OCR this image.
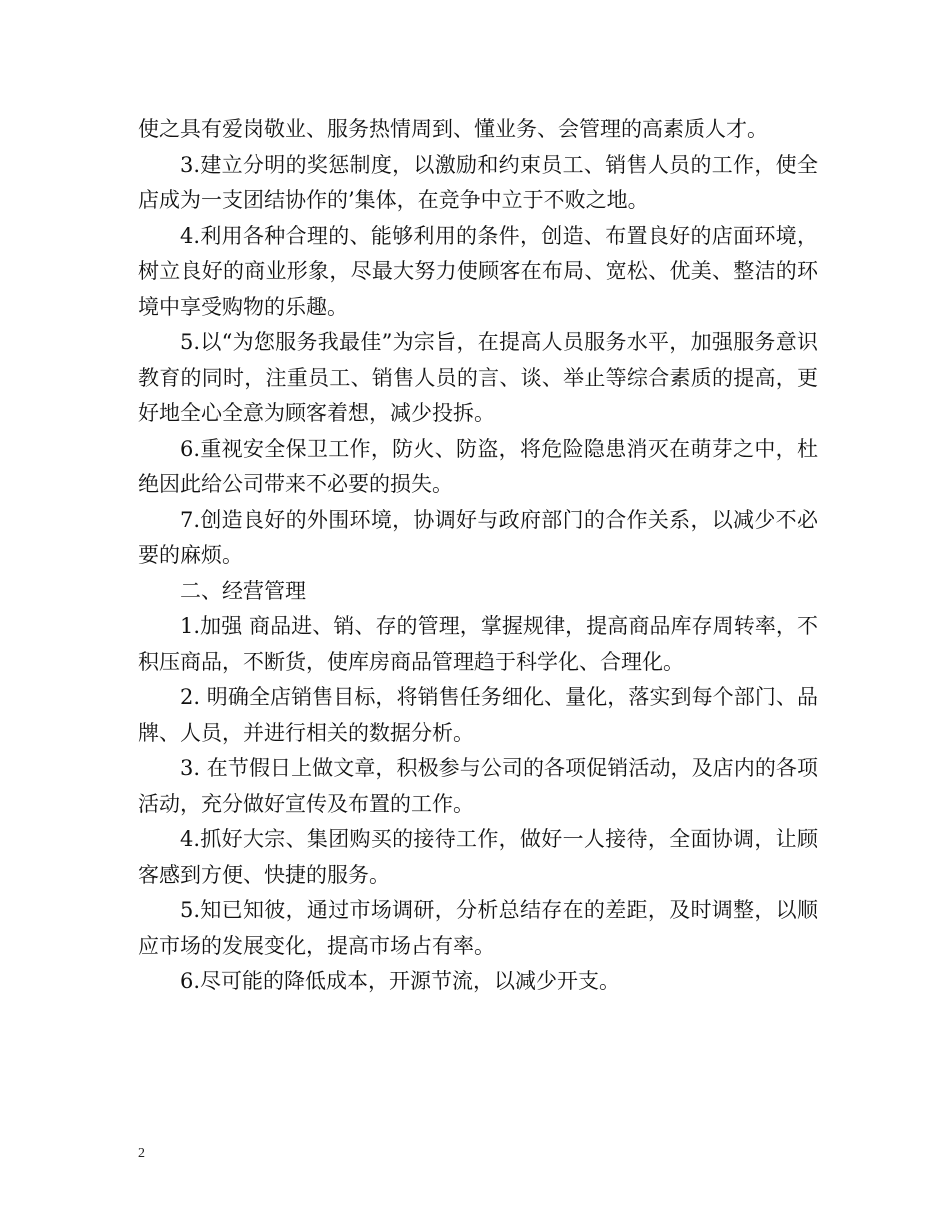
使之具有爱岗敬业、服务热情周到、懂业务、会管理的高素质人才。

3.建立分明的奖惩制度，以激励和约束员工、销售人员的工作，使全店成为一支团结协作的’集体，在竞争中立于不败之地。

4.利用各种合理的、能够利用的条件，创造、布置良好的店面环境，树立良好的商业形象，尽最大努力使顾客在布局、宽松、优美、整洁的环境中享受购物的乐趣。

5.以“为您服务我最佳”为宗旨，在提高人员服务水平，加强服务意识教育的同时，注重员工、销售人员的言、谈、举止等综合素质的提高，更好地全心全意为顾客着想，减少投拆。

6.重视安全保卫工作，防火、防盗，将危险隐患消灭在萌芽之中，杜绝因此给公司带来不必要的损失。

7.创造良好的外围环境，协调好与政府部门的合作关系，以减少不必要的麻烦。

二、经营管理

1.加强 商品进、销、存的管理，掌握规律，提高商品库存周转率，不积压商品，不断货，使库房商品管理趋于科学化、合理化。

2. 明确全店销售目标，将销售任务细化、量化，落实到每个部门、品牌、人员，并进行相关的数据分析。

3. 在节假日上做文章，积极参与公司的各项促销活动，及店内的各项活动，充分做好宣传及布置的工作。

4.抓好大宗、集团购买的接待工作，做好一人接待，全面协调，让顾客感到方便、快捷的服务。

5.知已知彼，通过市场调研，分析总结存在的差距，及时调整，以顺应市场的发展变化，提高市场占有率。

6.尽可能的降低成本，开源节流，以减少开支。

2
